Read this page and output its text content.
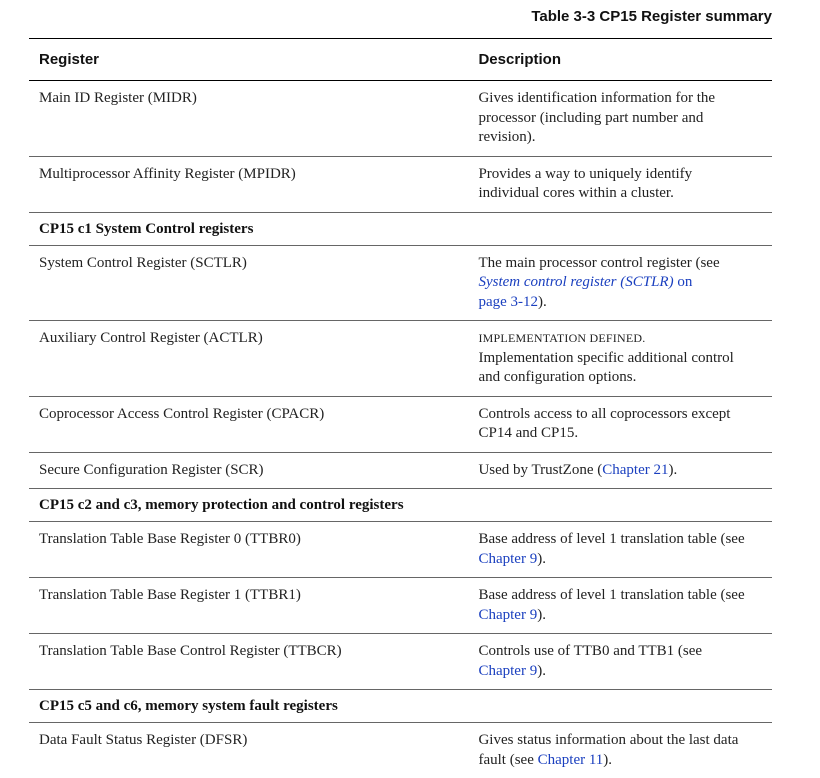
Table 3-3 CP15 Register summary
Register	Description
Main ID Register (MIDR)	Gives identification information for the
processor (including part number and
revision).
Multiprocessor Affinity Register (MPIDR)	Provides a way to uniquely identify
individual cores within a cluster.
CP15 c1 System Control registers	
System Control Register (SCTLR)	The main processor control register (see
System control register (SCTLR) on
page 3-12).
Auxiliary Control Register (ACTLR)	IMPLEMENTATION DEFINED.
Implementation specific additional control
and configuration options.
Coprocessor Access Control Register (CPACR)	Controls access to all coprocessors except
CP14 and CP15.
Secure Configuration Register (SCR)	Used by TrustZone (Chapter 21).
CP15 c2 and c3, memory protection and control registers	
Translation Table Base Register 0 (TTBR0)	Base address of level 1 translation table (see
Chapter 9).
Translation Table Base Register 1 (TTBR1)	Base address of level 1 translation table (see
Chapter 9).
Translation Table Base Control Register (TTBCR)	Controls use of TTB0 and TTB1 (see
Chapter 9).
CP15 c5 and c6, memory system fault registers	
Data Fault Status Register (DFSR)	Gives status information about the last data
fault (see Chapter 11).
